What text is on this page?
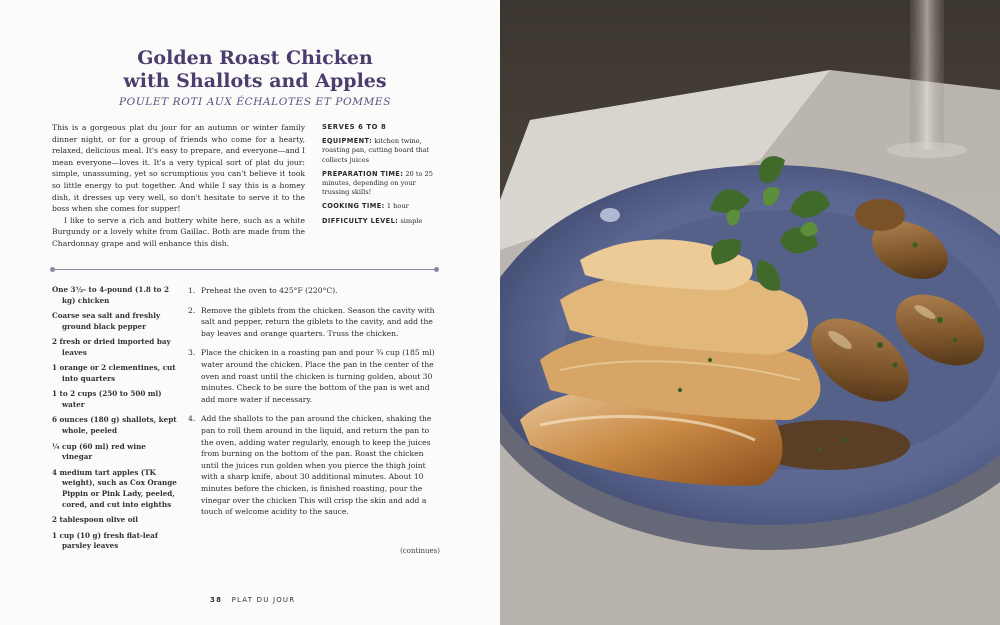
Golden Roast Chicken
with Shallots and Apples
POULET ROTI AUX ÉCHALOTES ET POMMES

This is a gorgeous plat du jour for an autumn or winter family dinner night, or for a group of friends who come for a hearty, relaxed, delicious meal. It's easy to prepare, and everyone—and I mean everyone—loves it. It's a very typical sort of plat du jour: simple, unassuming, yet so scrumptious you can't believe it took so little energy to put together. And while I say this is a homey dish, it dresses up very well, so don't hesitate to serve it to the boss when she comes for supper!

I like to serve a rich and buttery white here, such as a white Burgundy or a lovely white from Gaillac. Both are made from the Chardonnay grape and will enhance this dish.

SERVES 6 TO 8
EQUIPMENT: kitchen twine, roasting pan, cutting board that collects juices
PREPARATION TIME: 20 to 25 minutes, depending on your trussing skills!
COOKING TIME: 1 hour
DIFFICULTY LEVEL: simple
One 3½- to 4-pound (1.8 to 2 kg) chicken
Coarse sea salt and freshly ground black pepper
2 fresh or dried imported bay leaves
1 orange or 2 clementines, cut into quarters
1 to 2 cups (250 to 500 ml) water
6 ounces (180 g) shallots, kept whole, peeled
¼ cup (60 ml) red wine vinegar
4 medium tart apples (TK weight), such as Cox Orange Pippin or Pink Lady, peeled, cored, and cut into eighths
2 tablespoon olive oil
1 cup (10 g) fresh flat-leaf parsley leaves
1. Preheat the oven to 425°F (220°C).
2. Remove the giblets from the chicken. Season the cavity with salt and pepper, return the giblets to the cavity, and add the bay leaves and orange quarters. Truss the chicken.
3. Place the chicken in a roasting pan and pour ¾ cup (185 ml) water around the chicken. Place the pan in the center of the oven and roast until the chicken is turning golden, about 30 minutes. Check to be sure the bottom of the pan is wet and add more water if necessary.
4. Add the shallots to the pan around the chicken, shaking the pan to roll them around in the liquid, and return the pan to the oven, adding water regularly, enough to keep the juices from burning on the bottom of the pan. Roast the chicken until the juices run golden when you pierce the thigh joint with a sharp knife, about 30 additional minutes. About 10 minutes before the chicken, is finished roasting, pour the vinegar over the chicken This will crisp the skin and add a touch of welcome acidity to the sauce.
(continues)
38 PLAT DU JOUR
